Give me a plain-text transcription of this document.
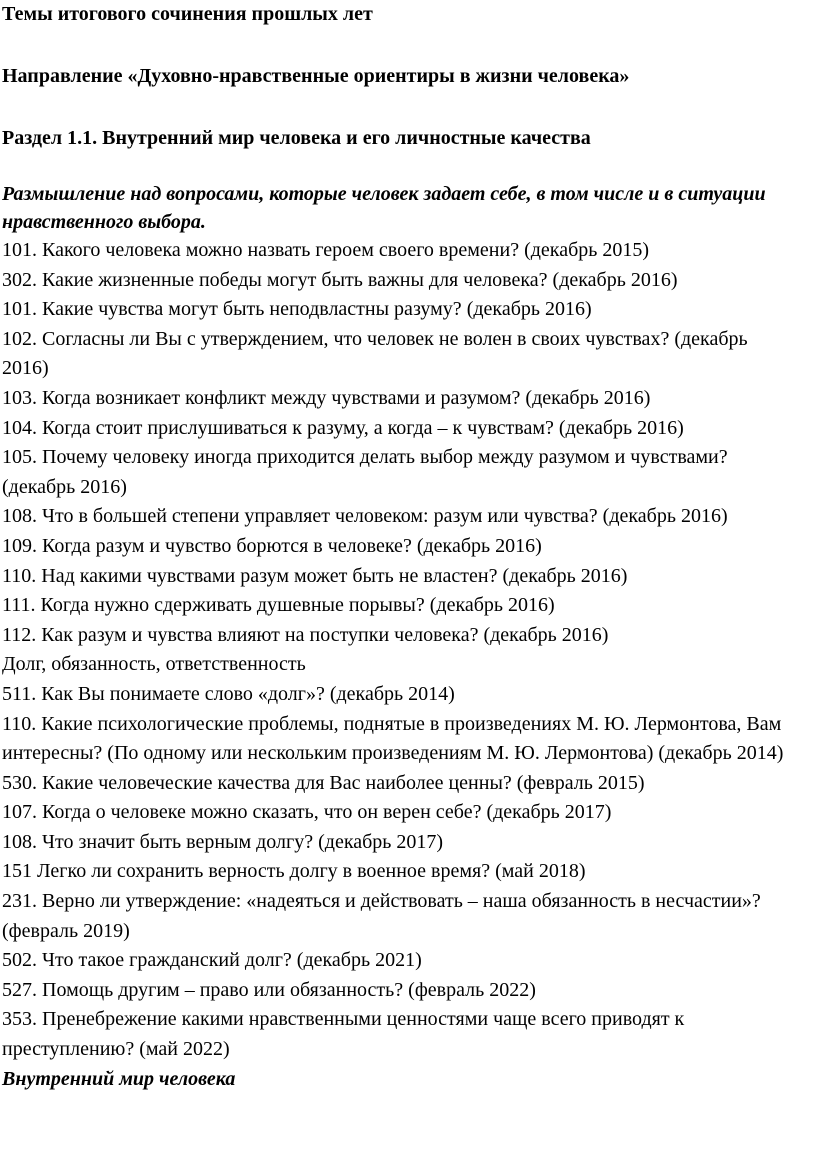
Темы итогового сочинения прошлых лет

Направление «Духовно-нравственные ориентиры в жизни человека»

Раздел 1.1. Внутренний мир человека и его личностные качества

Размышление над вопросами, которые человек задает себе, в том числе и в ситуации нравственного выбора.

101. Какого человека можно назвать героем своего времени? (декабрь 2015)
302. Какие жизненные победы могут быть важны для человека? (декабрь 2016)
101. Какие чувства могут быть неподвластны разуму? (декабрь 2016)
102. Согласны ли Вы с утверждением, что человек не волен в своих чувствах? (декабрь 2016)
103. Когда возникает конфликт между чувствами и разумом? (декабрь 2016)
104. Когда стоит прислушиваться к разуму, а когда – к чувствам? (декабрь 2016)
105. Почему человеку иногда приходится делать выбор между разумом и чувствами? (декабрь 2016)
108. Что в большей степени управляет человеком: разум или чувства? (декабрь 2016)
109. Когда разум и чувство борются в человеке? (декабрь 2016)
110. Над какими чувствами разум может быть не властен? (декабрь 2016)
111. Когда нужно сдерживать душевные порывы? (декабрь 2016)
112. Как разум и чувства влияют на поступки человека? (декабрь 2016)
Долг, обязанность, ответственность
511. Как Вы понимаете слово «долг»? (декабрь 2014)
110. Какие психологические проблемы, поднятые в произведениях М. Ю. Лермонтова, Вам интересны? (По одному или нескольким произведениям М. Ю. Лермонтова) (декабрь 2014)
530. Какие человеческие качества для Вас наиболее ценны? (февраль 2015)
107. Когда о человеке можно сказать, что он верен себе? (декабрь 2017)
108. Что значит быть верным долгу? (декабрь 2017)
151 Легко ли сохранить верность долгу в военное время? (май 2018)
231. Верно ли утверждение: «надеяться и действовать – наша обязанность в несчастии»? (февраль 2019)
502. Что такое гражданский долг? (декабрь 2021)
527. Помощь другим – право или обязанность? (февраль 2022)
353. Пренебрежение какими нравственными ценностями чаще всего приводят к преступлению? (май 2022)
Внутренний мир человека
